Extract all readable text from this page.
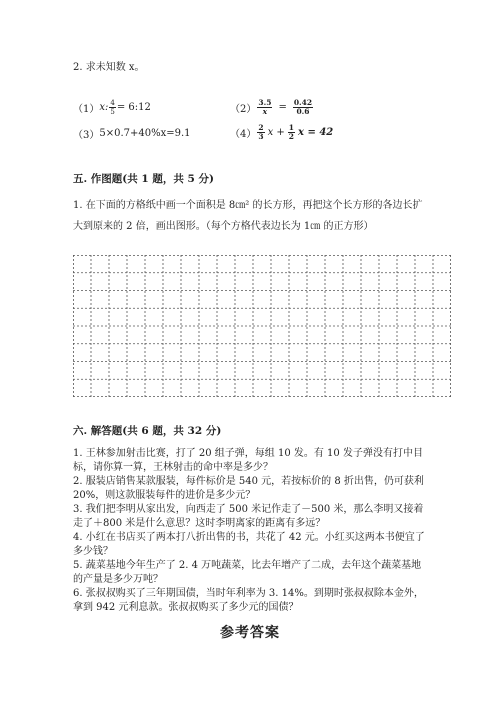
2. 求未知数 x。
（1） x: $\frac{4}{5}$ = 6:12	$(2) \frac{3.5}{x} = \frac{0.42}{0.6}$
（3） 5×0.7+40%x=9.1	$(4) \frac{2}{3}$ $x + \frac{1}{2}$ x = 42
五. 作图题(共 1 题，共 5 分)
1. 在下面的方格纸中画一个面积是 8㎝² 的长方形，再把这个长方形的各边长扩
大到原来的 2 倍，画出图形。（每个方格代表边长为 1㎝ 的正方形）
六. 解答题(共 6 题，共 32 分)
1. 王林参加射击比赛，打了 20 组子弹，每组 10 发。有 10 发子弹没有打中目
标，请你算一算，王林射击的命中率是多少？
2. 服装店销售某款服装，每件标价是 540 元，若按标价的 8 折出售，仍可获利
20%，则这款服装每件的进价是多少元？
3. 我们把李明从家出发，向西走了 500 米记作走了－500 米，那么李明又接着
走了＋800 米是什么意思？这时李明离家的距离有多远？
4. 小红在书店买了两本打八折出售的书，共花了 42 元。小红买这两本书便宜了
多少钱？
5. 蔬菜基地今年生产了 2. 4 万吨蔬菜，比去年增产了二成，去年这个蔬菜基地
的产量是多少万吨？
6. 张叔叔购买了三年期国债，当时年利率为 3. 14%。到期时张叔叔除本金外，
拿到 942 元利息款。张叔叔购买了多少元的国债？
参考答案
